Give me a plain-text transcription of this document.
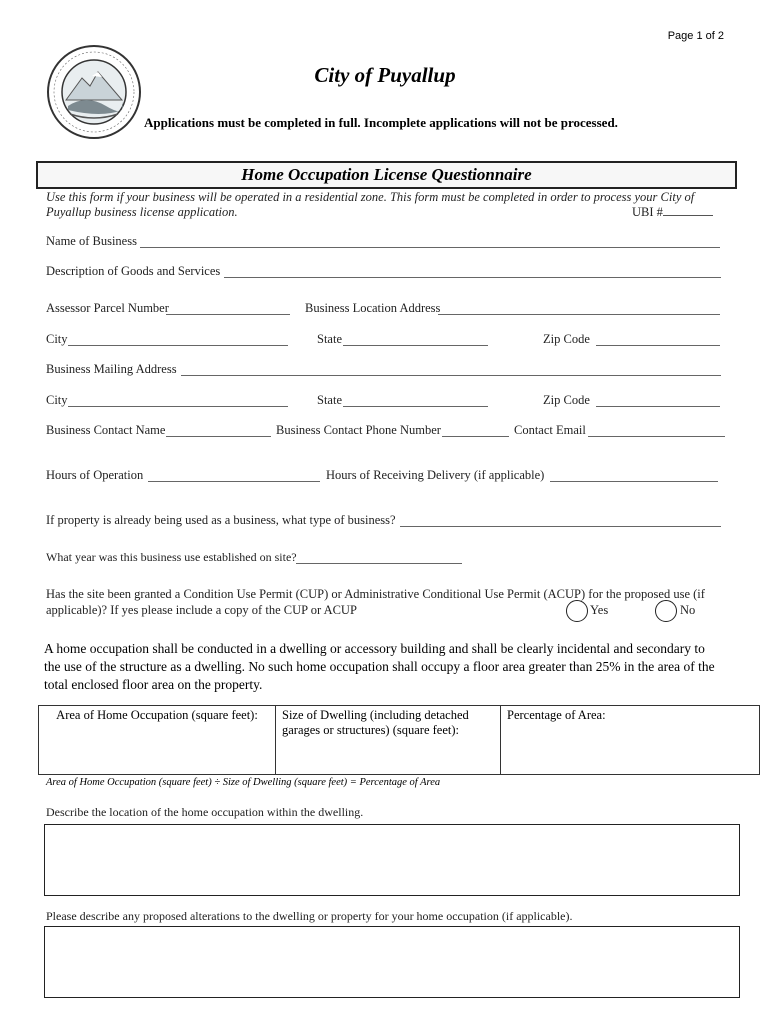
Page 1 of 2
City of Puyallup
Applications must be completed in full. Incomplete applications will not be processed.
Home Occupation License Questionnaire
Use this form if your business will be operated in a residential zone. This form must be completed in order to process your City of
Puyallup business license application.	UBI #
Name of Business
Description of Goods and Services
Assessor Parcel Number	Business Location Address
City	State	Zip Code
Business Mailing Address
City	State	Zip Code
Business Contact Name	Business Contact Phone Number	Contact Email
Hours of Operation	Hours of Receiving Delivery (if applicable)
If property is already being used as a business, what type of business?
What year was this business use established on site?
Has the site been granted a Condition Use Permit (CUP) or Administrative Conditional Use Permit (ACUP) for the proposed use (if
applicable)? If yes please include a copy of the CUP or ACUP	Yes	No
A home occupation shall be conducted in a dwelling or accessory building and shall be clearly incidental and secondary to the use of the structure as a dwelling. No such home occupation shall occupy a floor area greater than 25% in the area of the total enclosed floor area on the property.
Area of Home Occupation (square feet):	Size of Dwelling (including detached garages or structures) (square feet):	Percentage of Area:
Area of Home Occupation (square feet) ÷ Size of Dwelling (square feet) = Percentage of Area
Describe the location of the home occupation within the dwelling.
Please describe any proposed alterations to the dwelling or property for your home occupation (if applicable).
